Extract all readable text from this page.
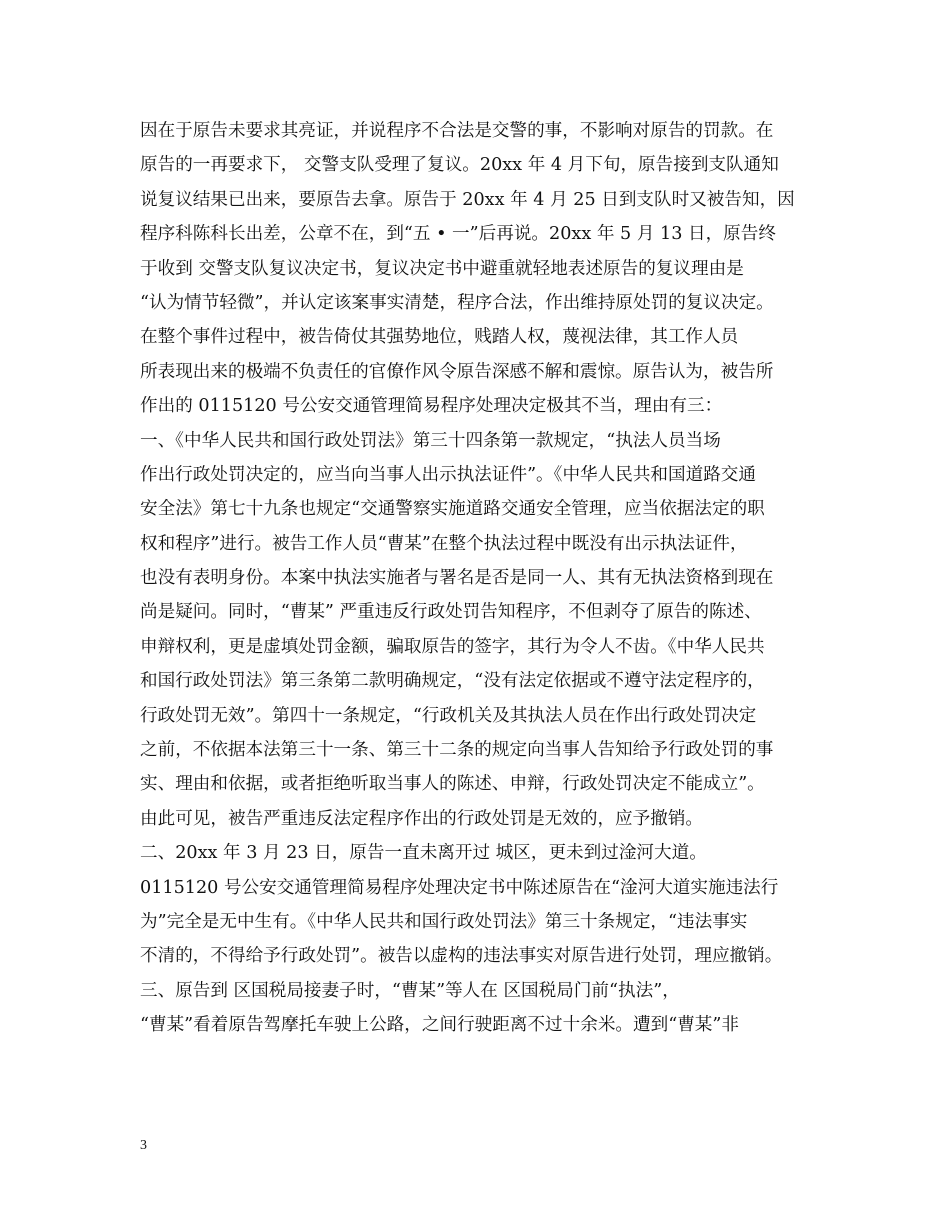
因在于原告未要求其亮证，并说程序不合法是交警的事，不影响对原告的罚款。在
原告的一再要求下， 交警支队受理了复议。20xx 年 4 月下旬，原告接到支队通知
说复议结果已出来，要原告去拿。原告于 20xx 年 4 月 25 日到支队时又被告知，因
程序科陈科长出差，公章不在，到“五 • 一”后再说。20xx 年 5 月 13 日，原告终
于收到 交警支队复议决定书，复议决定书中避重就轻地表述原告的复议理由是
“认为情节轻微”，并认定该案事实清楚，程序合法，作出维持原处罚的复议决定。
在整个事件过程中，被告倚仗其强势地位，贱踏人权，蔑视法律，其工作人员
所表现出来的极端不负责任的官僚作风令原告深感不解和震惊。原告认为，被告所
作出的 0115120 号公安交通管理简易程序处理决定极其不当，理由有三：
一、《中华人民共和国行政处罚法》第三十四条第一款规定，“执法人员当场
作出行政处罚决定的，应当向当事人出示执法证件”。《中华人民共和国道路交通
安全法》第七十九条也规定“交通警察实施道路交通安全管理，应当依据法定的职
权和程序”进行。被告工作人员“曹某”在整个执法过程中既没有出示执法证件，
也没有表明身份。本案中执法实施者与署名是否是同一人、其有无执法资格到现在
尚是疑问。同时，“曹某” 严重违反行政处罚告知程序，不但剥夺了原告的陈述、
申辩权利，更是虚填处罚金额，骗取原告的签字，其行为令人不齿。《中华人民共
和国行政处罚法》第三条第二款明确规定，“没有法定依据或不遵守法定程序的，
行政处罚无效”。第四十一条规定，“行政机关及其执法人员在作出行政处罚决定
之前，不依据本法第三十一条、第三十二条的规定向当事人告知给予行政处罚的事
实、理由和依据，或者拒绝听取当事人的陈述、申辩，行政处罚决定不能成立”。
由此可见，被告严重违反法定程序作出的行政处罚是无效的，应予撤销。
二、20xx 年 3 月 23 日，原告一直未离开过 城区，更未到过淦河大道。
0115120 号公安交通管理简易程序处理决定书中陈述原告在“淦河大道实施违法行
为”完全是无中生有。《中华人民共和国行政处罚法》第三十条规定，“违法事实
不清的，不得给予行政处罚”。被告以虚构的违法事实对原告进行处罚，理应撤销。
三、原告到 区国税局接妻子时，“曹某”等人在 区国税局门前“执法”，
“曹某”看着原告驾摩托车驶上公路，之间行驶距离不过十余米。遭到“曹某”非
3
